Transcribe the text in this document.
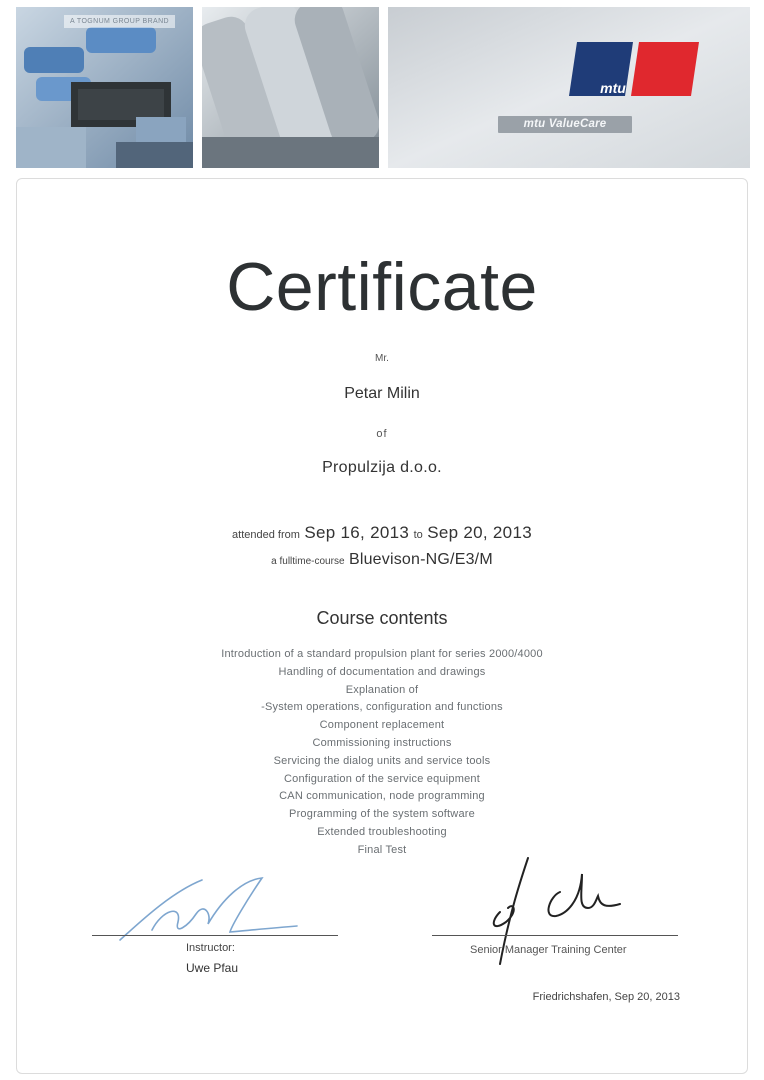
A TOGNUM GROUP BRAND
mtu
mtu ValueCare
Certificate
Mr.
Petar Milin
of
Propulzija d.o.o.
attended from Sep 16, 2013 to Sep 20, 2013
a fulltime-course Bluevison-NG/E3/M
Course contents
Introduction of a standard propulsion plant for series 2000/4000
Handling of documentation and drawings
Explanation of
-System operations, configuration and functions
Component replacement
Commissioning instructions
Servicing the dialog units and service tools
Configuration of the service equipment
CAN communication, node programming
Programming of the system software
Extended troubleshooting
Final Test
Instructor:
Uwe Pfau
Senior Manager Training Center
Friedrichshafen, Sep 20, 2013
